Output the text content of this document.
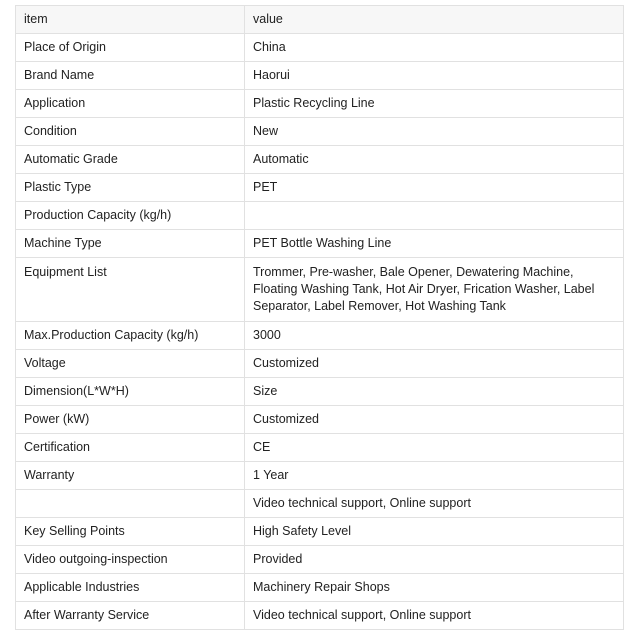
item	value
Place of Origin	China
Brand Name	Haorui
Application	Plastic Recycling Line
Condition	New
Automatic Grade	Automatic
Plastic Type	PET
Production Capacity (kg/h)	
Machine Type	PET Bottle Washing Line
Equipment List	Trommer, Pre-washer, Bale Opener, Dewatering Machine, Floating Washing Tank, Hot Air Dryer, Frication Washer, Label Separator, Label Remover, Hot Washing Tank
Max.Production Capacity (kg/h)	3000
Voltage	Customized
Dimension(L*W*H)	Size
Power (kW)	Customized
Certification	CE
Warranty	1 Year
	Video technical support, Online support
Key Selling Points	High Safety Level
Video outgoing-inspection	Provided
Applicable Industries	Machinery Repair Shops
After Warranty Service	Video technical support, Online support
